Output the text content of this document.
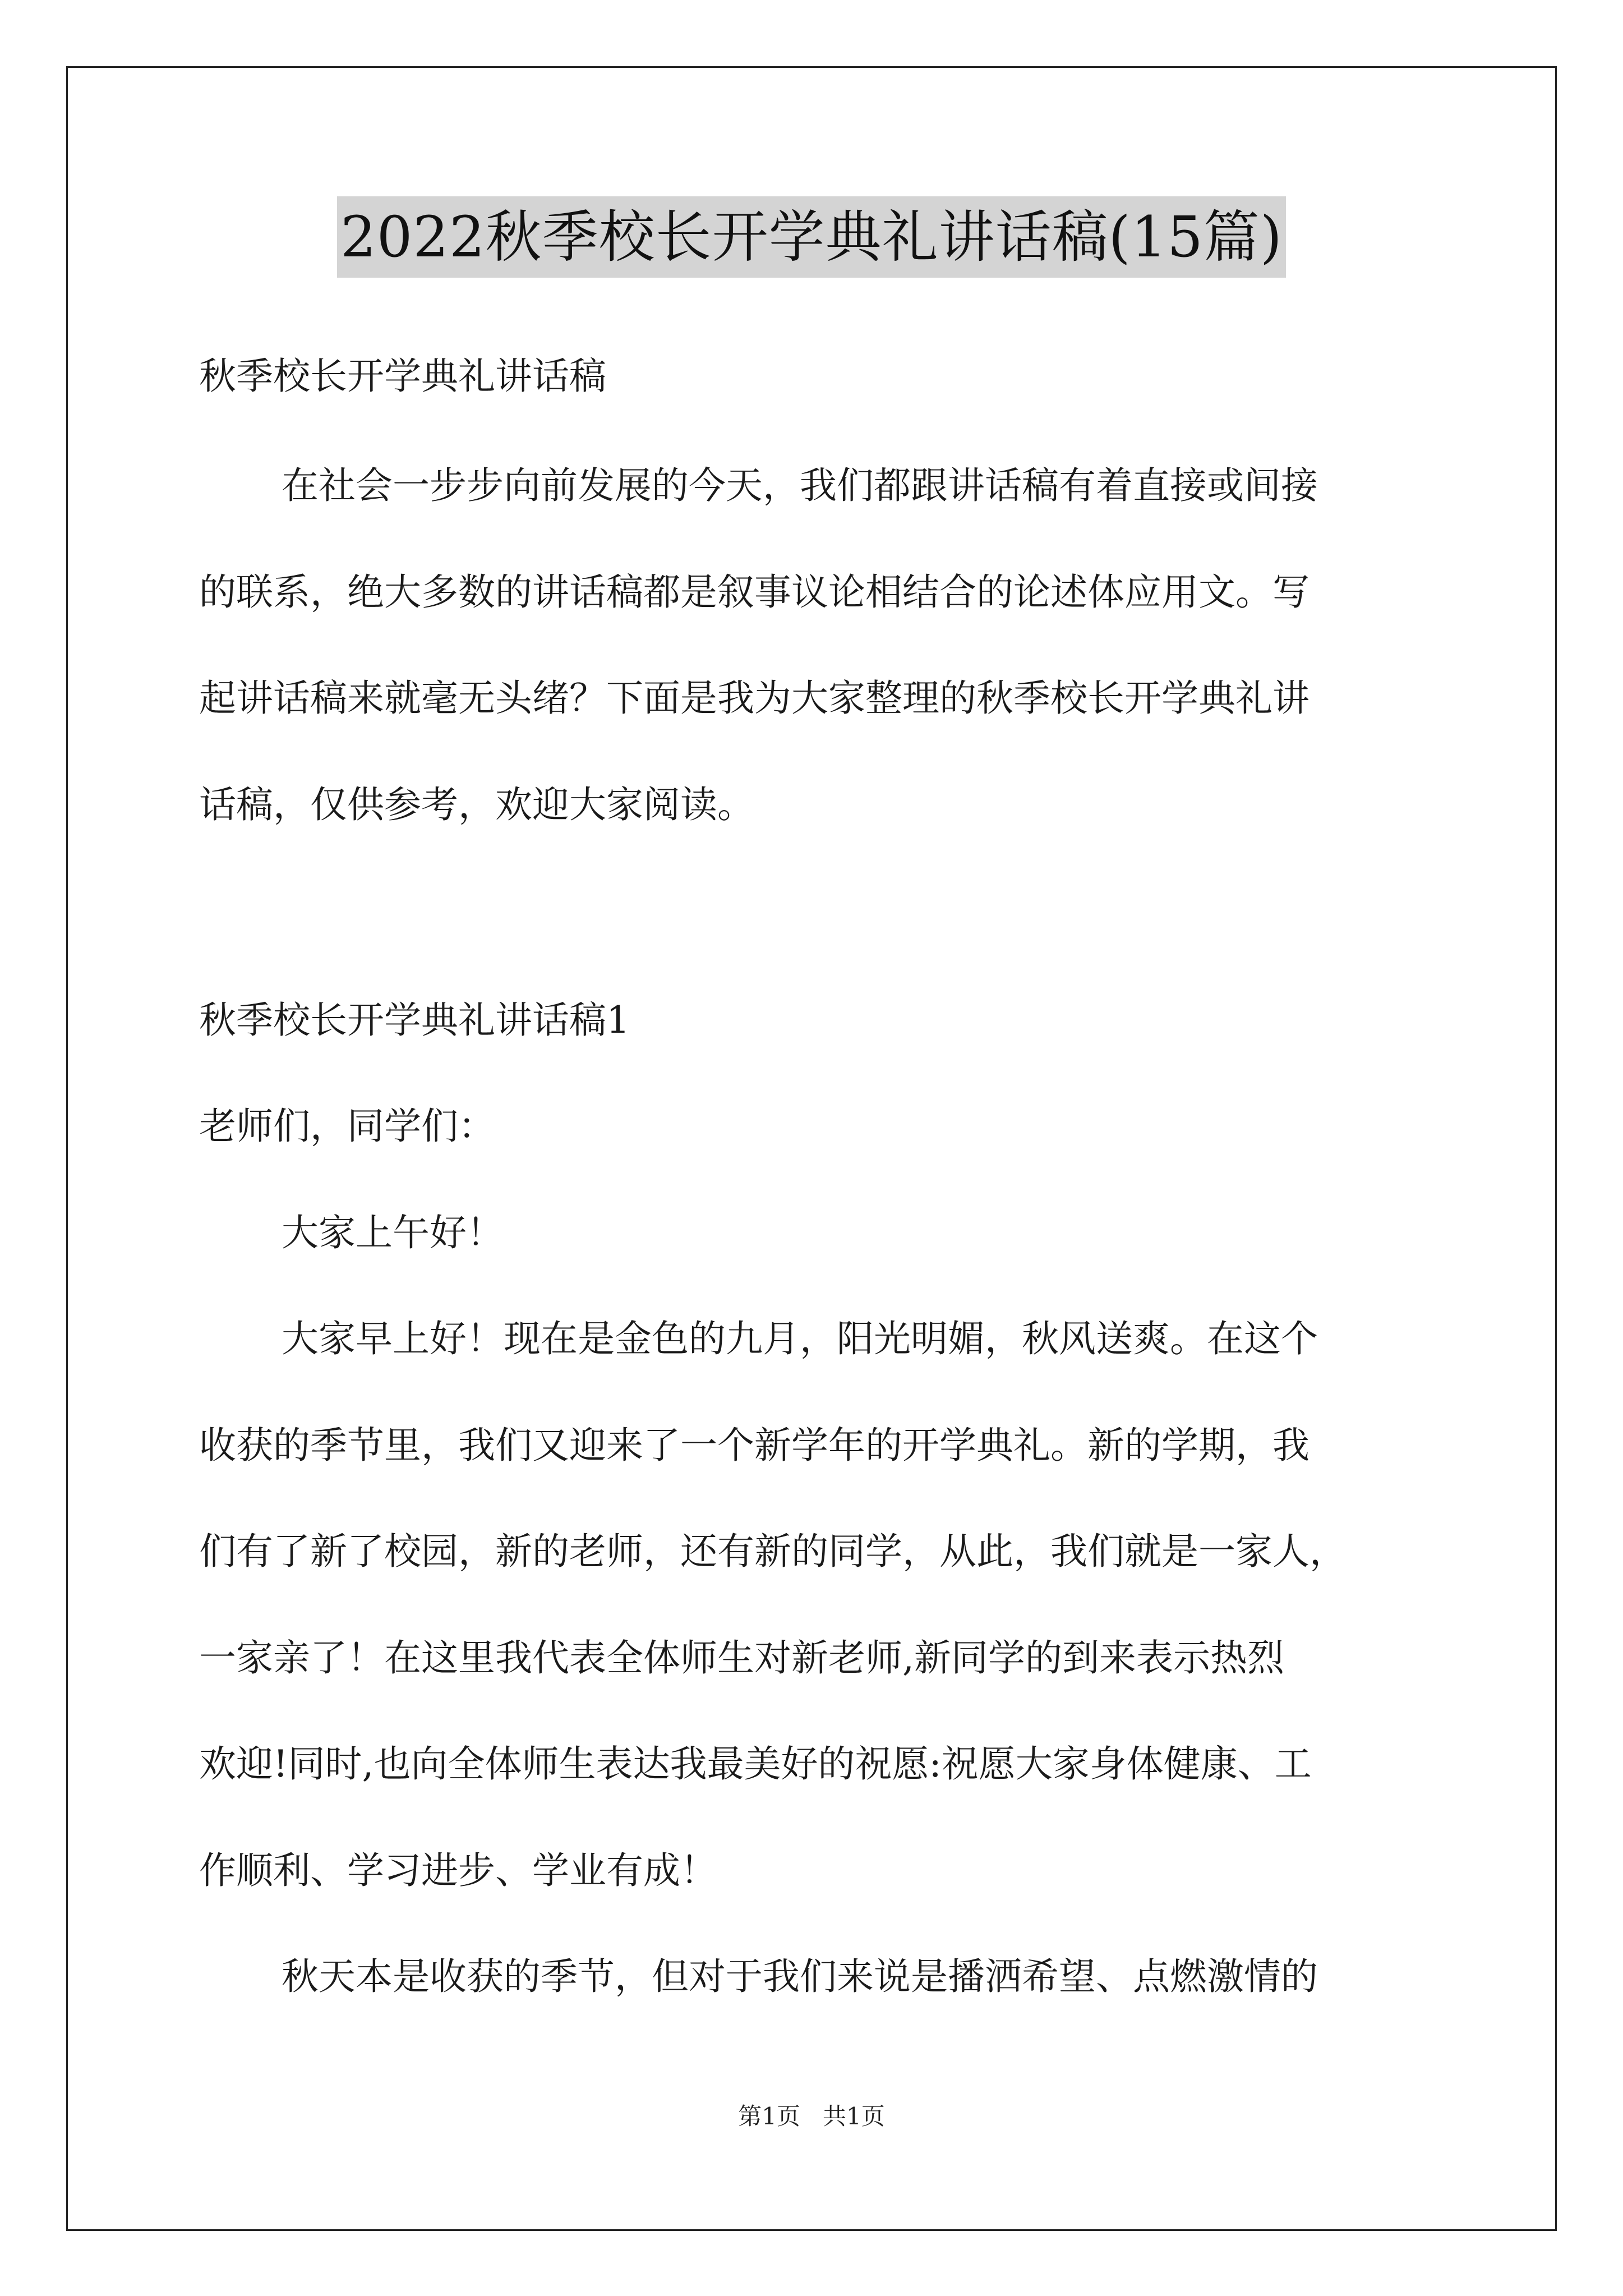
2022秋季校长开学典礼讲话稿(15篇)
秋季校长开学典礼讲话稿
在社会一步步向前发展的今天，我们都跟讲话稿有着直接或间接
的联系，绝大多数的讲话稿都是叙事议论相结合的论述体应用文。写
起讲话稿来就毫无头绪？下面是我为大家整理的秋季校长开学典礼讲
话稿，仅供参考，欢迎大家阅读。
秋季校长开学典礼讲话稿1
老师们，同学们：
大家上午好！
大家早上好！现在是金色的九月，阳光明媚，秋风送爽。在这个
收获的季节里，我们又迎来了一个新学年的开学典礼。新的学期，我
们有了新了校园，新的老师，还有新的同学，从此，我们就是一家人，
一家亲了！在这里我代表全体师生对新老师,新同学的到来表示热烈
欢迎!同时,也向全体师生表达我最美好的祝愿:祝愿大家身体健康、工
作顺利、学习进步、学业有成！
秋天本是收获的季节，但对于我们来说是播洒希望、点燃激情的
第1页   共1页
